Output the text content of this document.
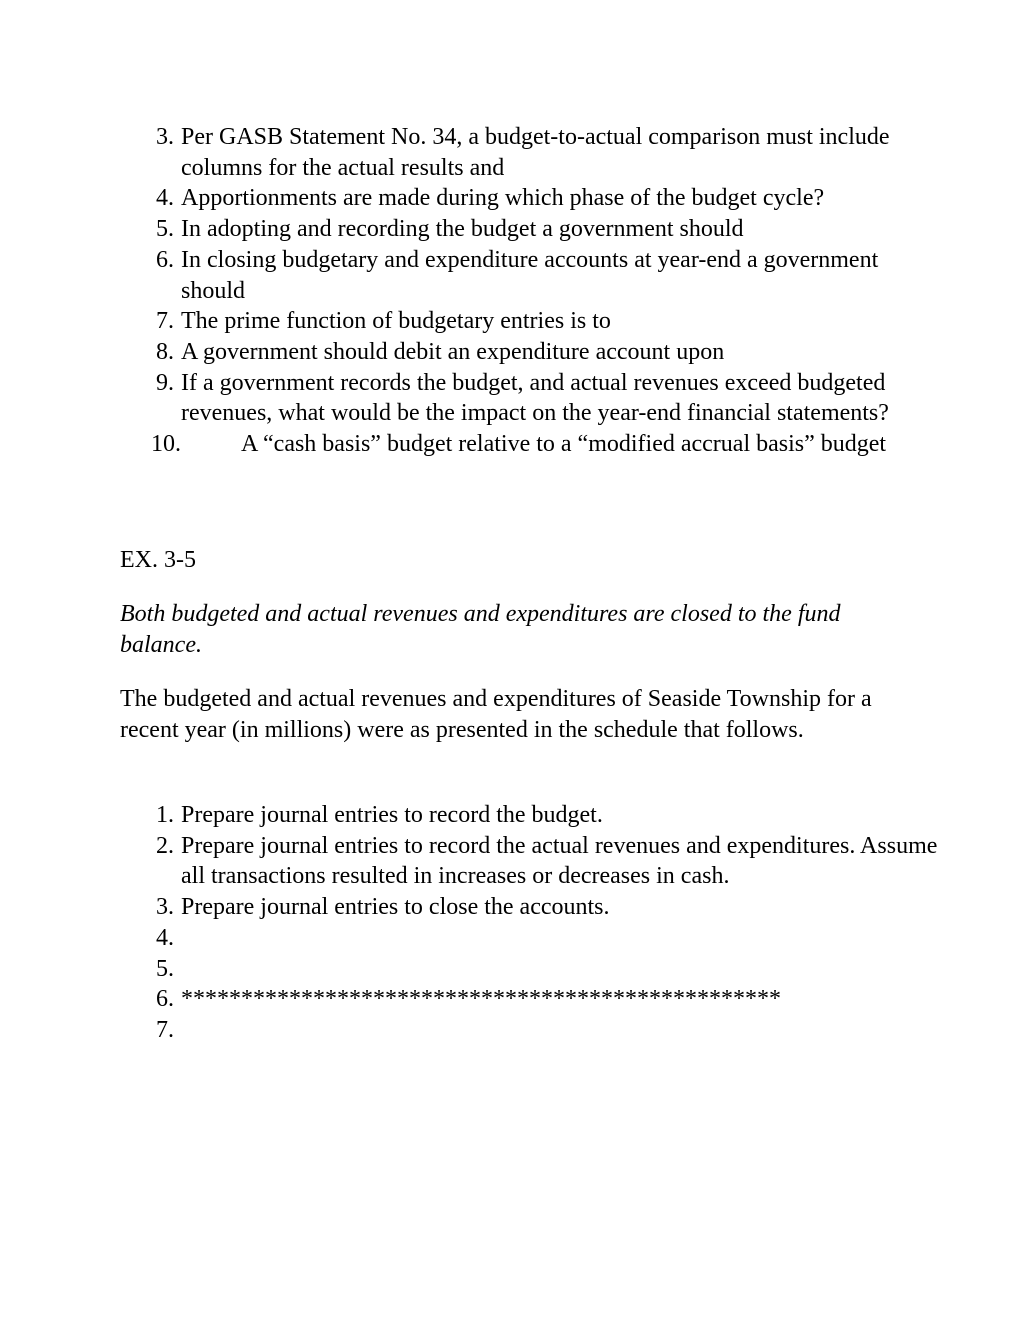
3. Per GASB Statement No. 34, a budget-to-actual comparison must include columns for the actual results and
4. Apportionments are made during which phase of the budget cycle?
5. In adopting and recording the budget a government should
6. In closing budgetary and expenditure accounts at year-end a government should
7. The prime function of budgetary entries is to
8. A government should debit an expenditure account upon
9. If a government records the budget, and actual revenues exceed budgeted revenues, what would be the impact on the year-end financial statements?
10.	A “cash basis” budget relative to a “modified accrual basis” budget

EX. 3-5

Both budgeted and actual revenues and expenditures are closed to the fund balance.

The budgeted and actual revenues and expenditures of Seaside Township for a recent year (in millions) were as presented in the schedule that follows.

1. Prepare journal entries to record the budget.
2. Prepare journal entries to record the actual revenues and expenditures. Assume all transactions resulted in increases or decreases in cash.
3. Prepare journal entries to close the accounts.
4.

5.

6. **************************************************
7.
